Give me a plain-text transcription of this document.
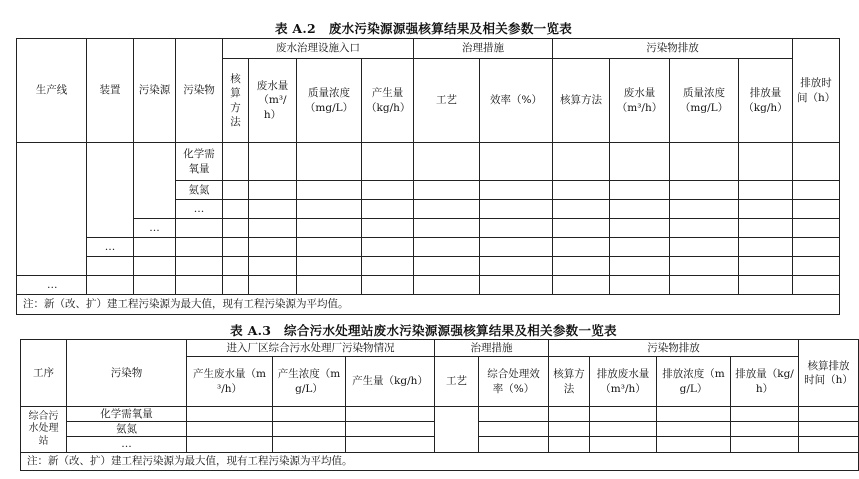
表 A.2　废水污染源源强核算结果及相关参数一览表
生产线	装置	污染源	污染物	废水治理设施入口				治理措施		污染物排放				排放时间（h）
				核算方法	废水量（m³/h）	质量浓度（mg/L）	产生量（kg/h）	工艺	效率（%）	核算方法	废水量（m³/h）	质量浓度（mg/L）	排放量（kg/h）	
			化学需氧量											
			氨氮											
			…											
		…												
	…													

…														
注：新（改、扩）建工程污染源为最大值，现有工程污染源为平均值。														
表 A.3　综合污水处理站废水污染源源强核算结果及相关参数一览表
工序	污染物	进入厂区综合污水处理厂污染物情况			治理措施		污染物排放				核算排放时间（h）
		产生废水量（m³/h）	产生浓度（mg/L）	产生量（kg/h）	工艺	综合处理效率（%）	核算方法	排放废水量（m³/h）	排放浓度（mg/L）	排放量（kg/h）	
综合污水处理站	化学需氧量										
	氨氮										
	…										
注：新（改、扩）建工程污染源为最大值，现有工程污染源为平均值。											
